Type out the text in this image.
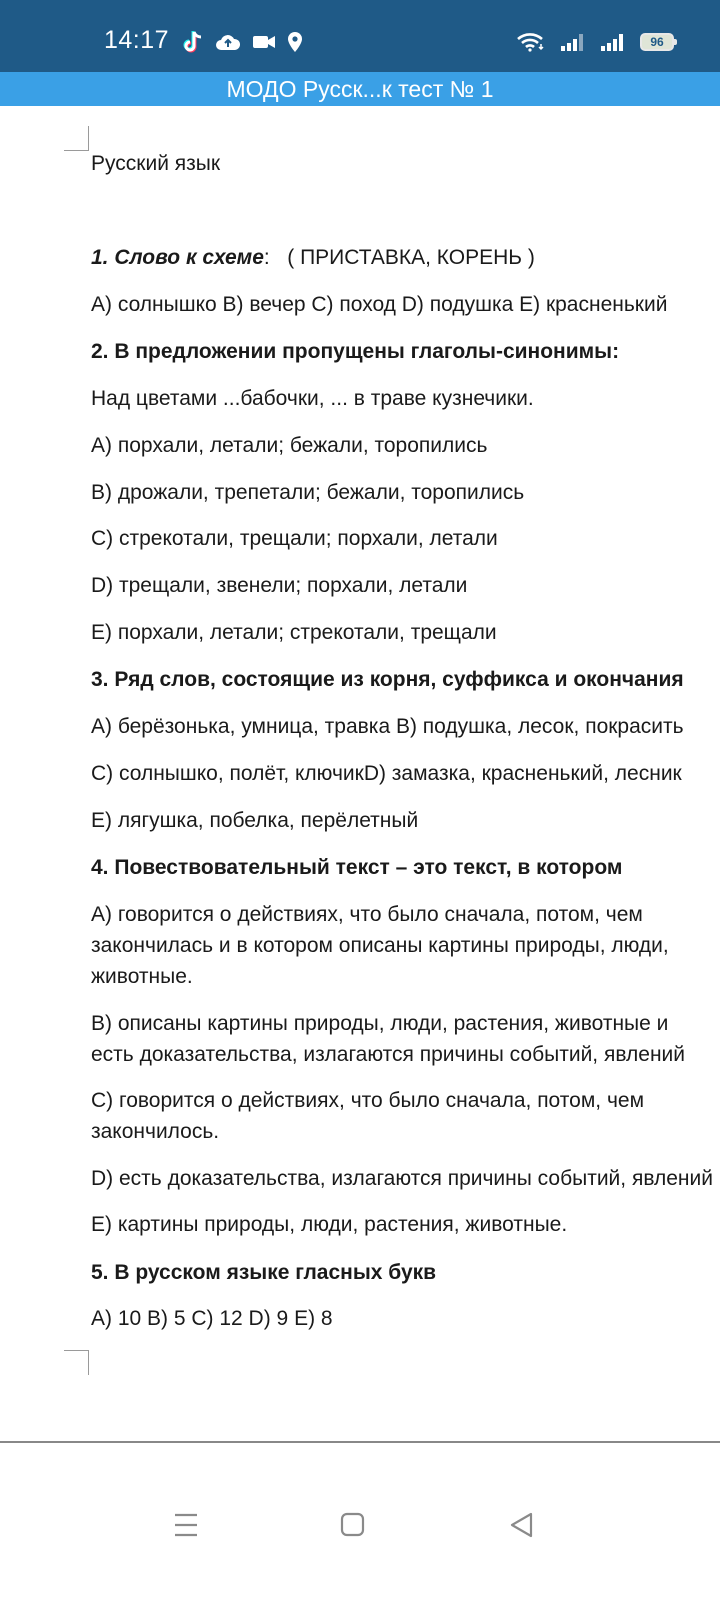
14:17	96
МОДО Русск...к тест № 1
Русский язык
1. Слово к схеме: ( ПРИСТАВКА, КОРЕНЬ )
A) солнышко B) вечер C) поход D) подушка E) красненький
2. В предложении пропущены глаголы-синонимы:
Над цветами ...бабочки, ... в траве кузнечики.
A) порхали, летали; бежали, торопились
B) дрожали, трепетали; бежали, торопились
C) стрекотали, трещали; порхали, летали
D) трещали, звенели; порхали, летали
E) порхали, летали; стрекотали, трещали
3. Ряд слов, состоящие из корня, суффикса и окончания
A) берёзонька, умница, травка B) подушка, лесок, покрасить
C) солнышко, полёт, ключикD) замазка, красненький, лесник
E) лягушка, побелка, перёлетный
4. Повествовательный текст – это текст, в котором
A) говорится о действиях, что было сначала, потом, чем
закончилась и в котором описаны картины природы, люди,
животные.
B) описаны картины природы, люди, растения, животные и
есть доказательства, излагаются причины событий, явлений
C) говорится о действиях, что было сначала, потом, чем
закончилось.
D) есть доказательства, излагаются причины событий, явлений
E) картины природы, люди, растения, животные.
5. В русском языке гласных букв
A) 10 B) 5 C) 12 D) 9 E) 8
